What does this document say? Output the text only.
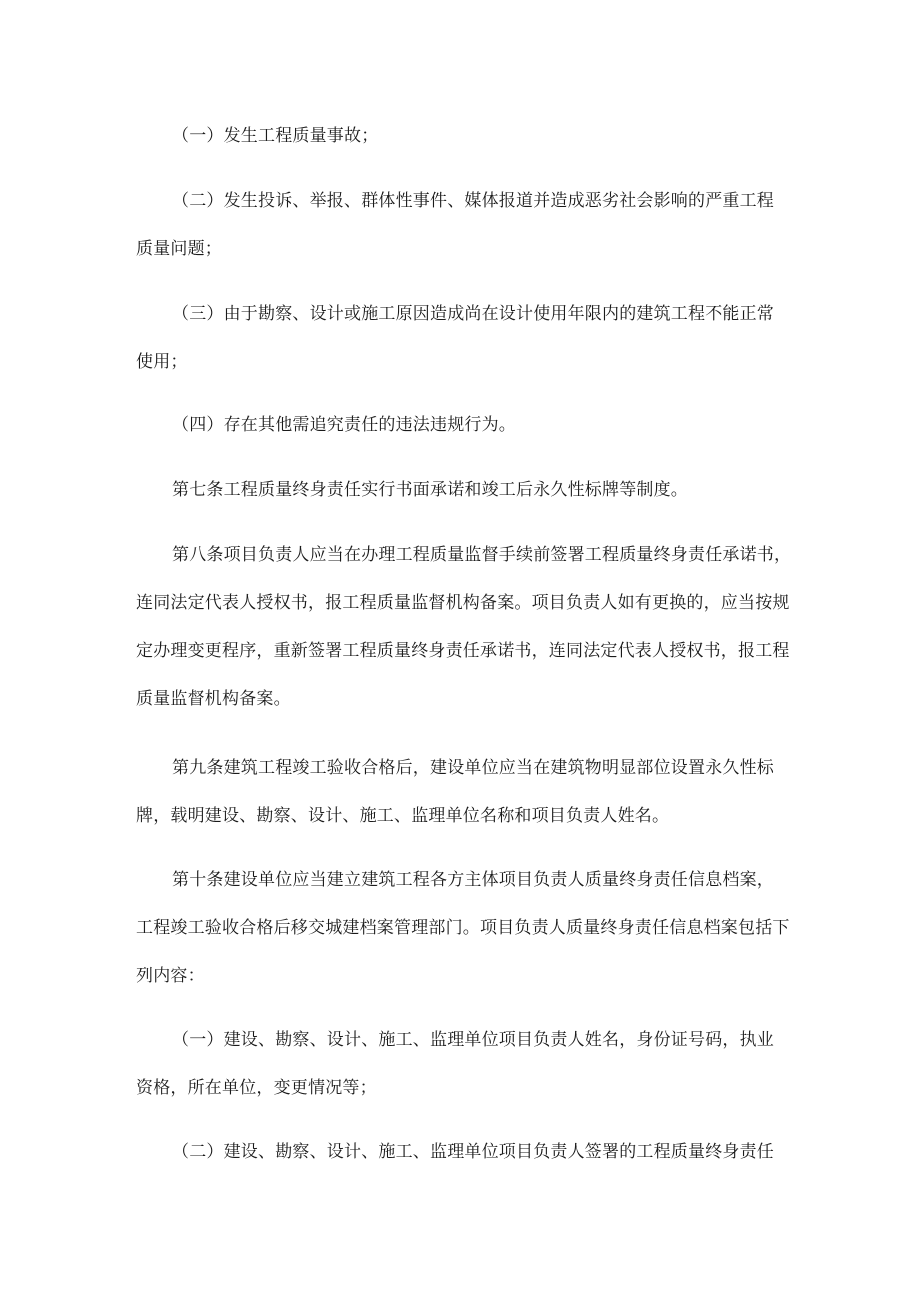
（一）发生工程质量事故；
（二）发生投诉、举报、群体性事件、媒体报道并造成恶劣社会影响的严重工程
质量问题；
（三）由于勘察、设计或施工原因造成尚在设计使用年限内的建筑工程不能正常
使用；
（四）存在其他需追究责任的违法违规行为。
第七条工程质量终身责任实行书面承诺和竣工后永久性标牌等制度。
第八条项目负责人应当在办理工程质量监督手续前签署工程质量终身责任承诺书，
连同法定代表人授权书，报工程质量监督机构备案。项目负责人如有更换的，应当按规
定办理变更程序，重新签署工程质量终身责任承诺书，连同法定代表人授权书，报工程
质量监督机构备案。
第九条建筑工程竣工验收合格后，建设单位应当在建筑物明显部位设置永久性标
牌，载明建设、勘察、设计、施工、监理单位名称和项目负责人姓名。
第十条建设单位应当建立建筑工程各方主体项目负责人质量终身责任信息档案，
工程竣工验收合格后移交城建档案管理部门。项目负责人质量终身责任信息档案包括下
列内容：
（一）建设、勘察、设计、施工、监理单位项目负责人姓名，身份证号码，执业
资格，所在单位，变更情况等；
（二）建设、勘察、设计、施工、监理单位项目负责人签署的工程质量终身责任
